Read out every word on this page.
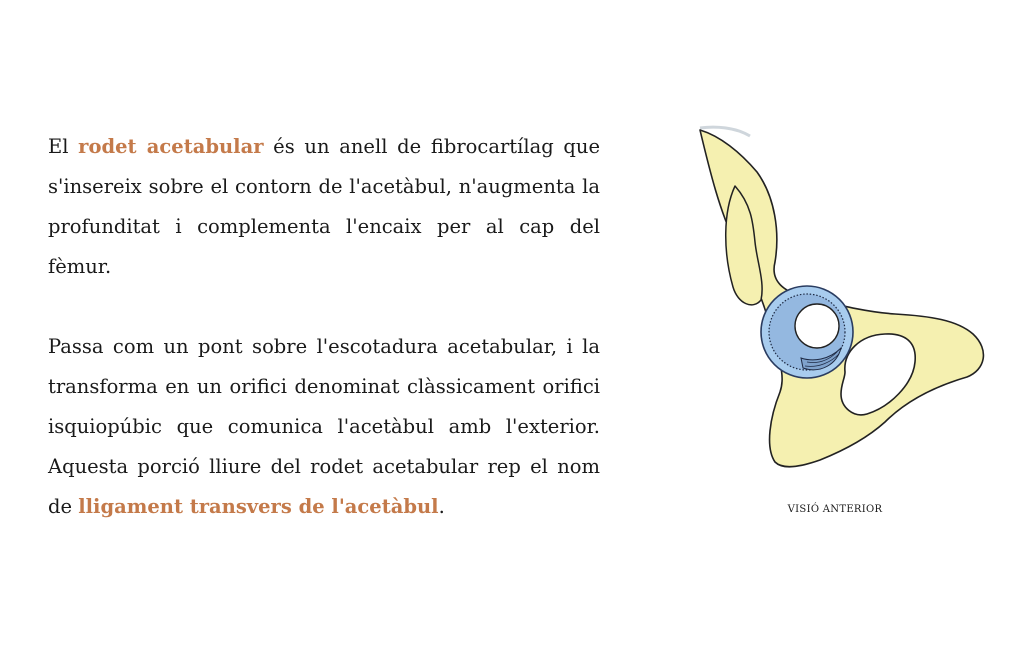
El rodet acetabular és un anell de fibrocartílag que s'insereix sobre el contorn de l'acetàbul, n'augmenta la profunditat i complementa l'encaix per al cap del fèmur.

Passa com un pont sobre l'escotadura acetabular, i la transforma en un orifici denominat clàssicament orifici isquiopúbic que comunica l'acetàbul amb l'exterior. Aquesta porció lliure del rodet acetabular rep el nom de lligament transvers de l'acetàbul.	VISIÓ ANTERIOR
